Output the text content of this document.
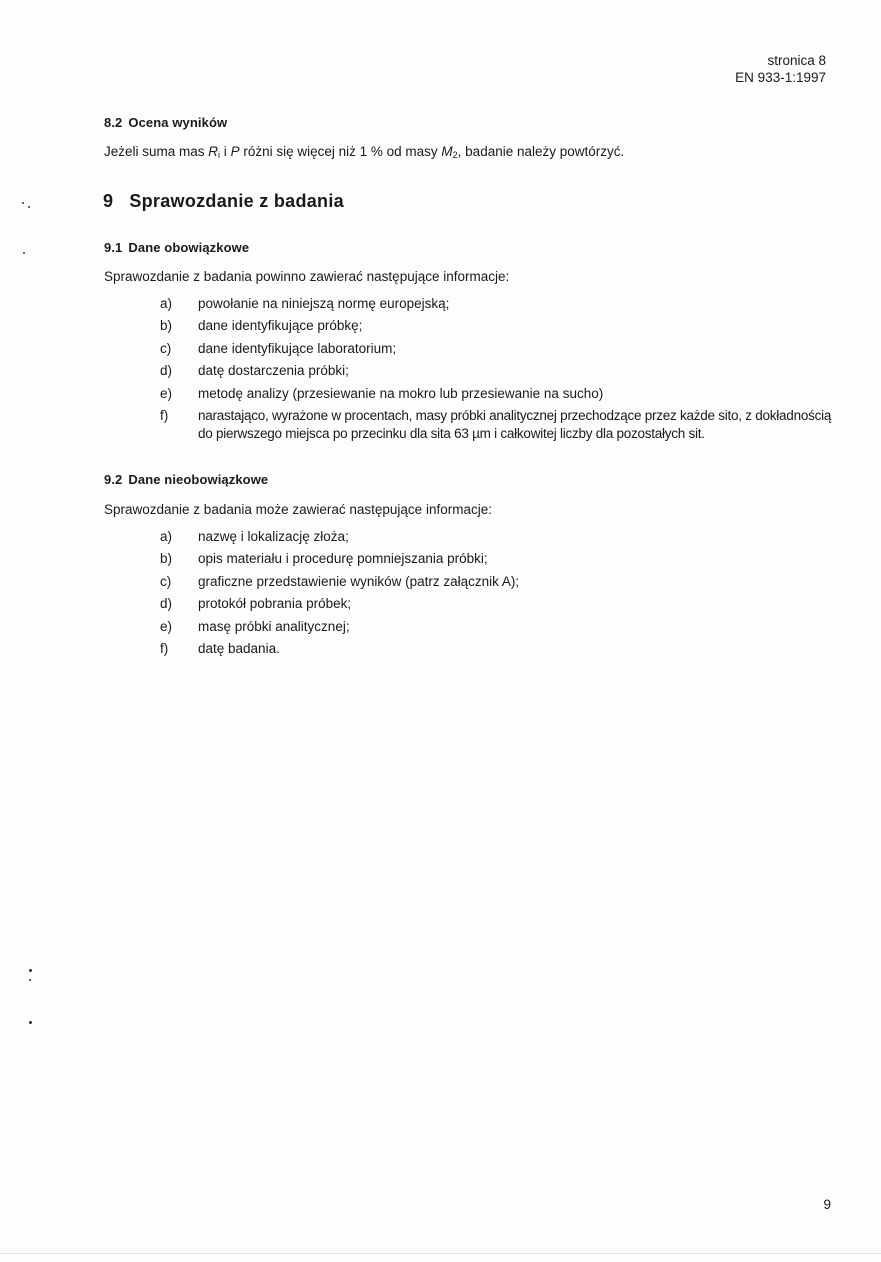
stronica 8
EN 933-1:1997
8.2 Ocena wyników
Jeżeli suma mas $R_i$ i P różni się więcej niż 1 % od masy $M_2$, badanie należy powtórzyć.
9 Sprawozdanie z badania
9.1 Dane obowiązkowe
Sprawozdanie z badania powinno zawierać następujące informacje:
a)	powołanie na niniejszą normę europejską;
b)	dane identyfikujące próbkę;
c)	dane identyfikujące laboratorium;
d)	datę dostarczenia próbki;
e)	metodę analizy (przesiewanie na mokro lub przesiewanie na sucho)
f)	narastająco, wyrażone w procentach, masy próbki analitycznej przechodzące przez każde sito, z dokładnością do pierwszego miejsca po przecinku dla sita 63 µm i całkowitej liczby dla pozostałych sit.
9.2 Dane nieobowiązkowe
Sprawozdanie z badania może zawierać następujące informacje:
a)	nazwę i lokalizację złoża;
b)	opis materiału i procedurę pomniejszania próbki;
c)	graficzne przedstawienie wyników (patrz załącznik A);
d)	protokół pobrania próbek;
e)	masę próbki analitycznej;
f)	datę badania.
9
